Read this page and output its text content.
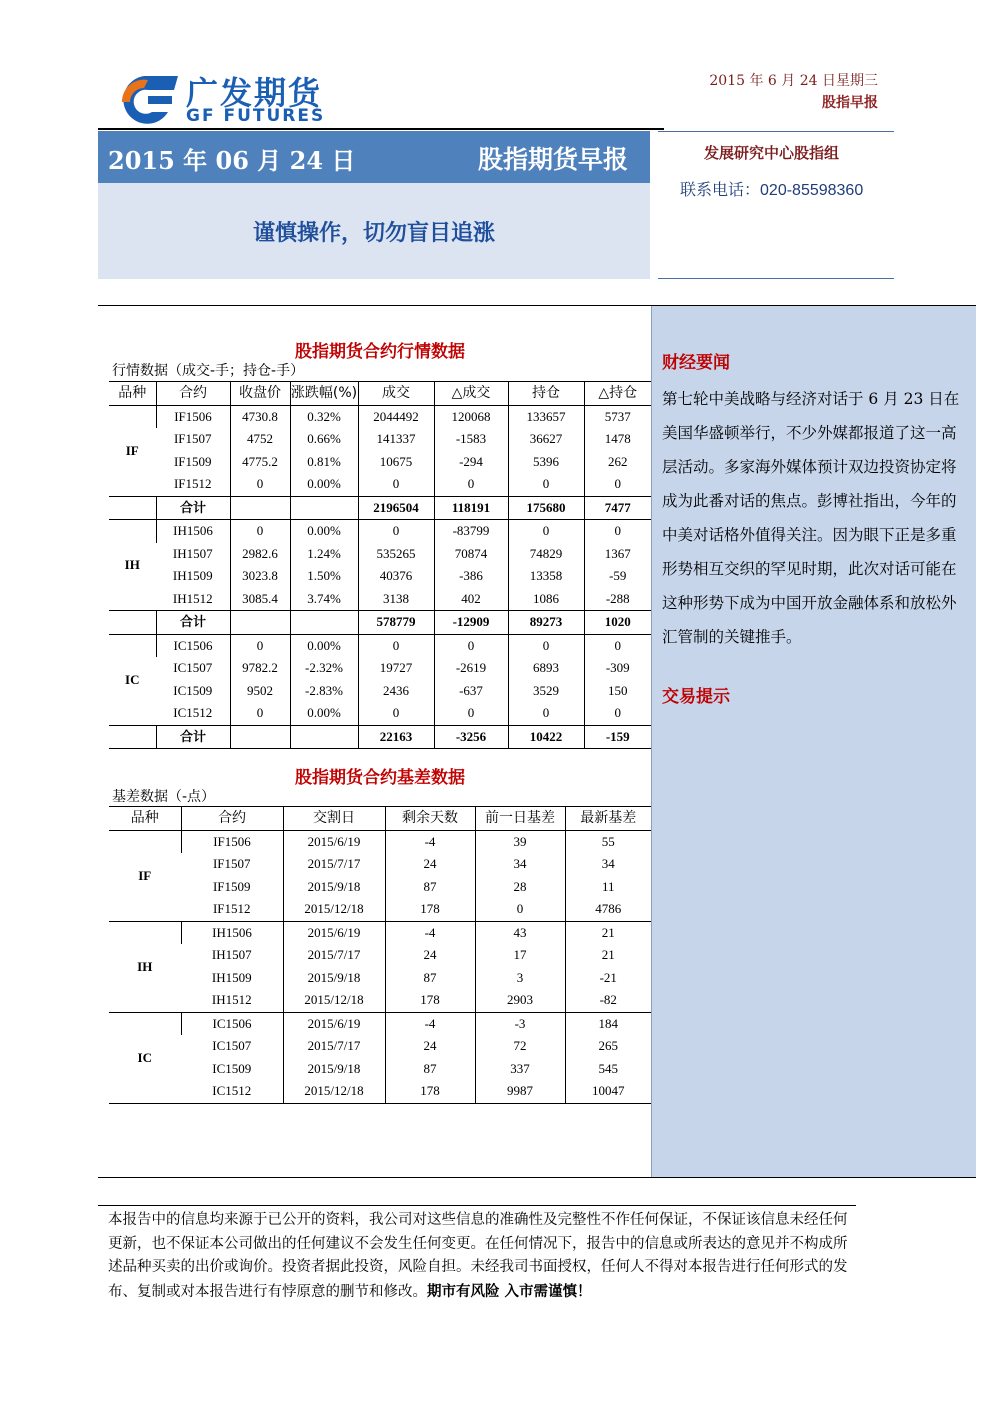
广发期货
GF FUTURES
2015 年 6 月 24 日星期三
股指早报
发展研究中心股指组
联系电话：020-85598360
2015 年 06 月 24 日	股指期货早报
谨慎操作，切勿盲目追涨
财经要闻
第七轮中美战略与经济对话于 6 月 23 日在美国华盛顿举行，不少外媒都报道了这一高层活动。多家海外媒体预计双边投资协定将成为此番对话的焦点。彭博社指出，今年的中美对话格外值得关注。因为眼下正是多重形势相互交织的罕见时期，此次对话可能在这种形势下成为中国开放金融体系和放松外汇管制的关键推手。
交易提示
股指期货合约行情数据
行情数据（成交-手；持仓-手）
品种	合约	收盘价	涨跌幅(%)	成交	△成交	持仓	△持仓
IF	IF1506	4730.8	0.32%	2044492	120068	133657	5737
	IF1507	4752	0.66%	141337	-1583	36627	1478
	IF1509	4775.2	0.81%	10675	-294	5396	262
	IF1512	0	0.00%	0	0	0	0
	合计			2196504	118191	175680	7477
IH	IH1506	0	0.00%	0	-83799	0	0
	IH1507	2982.6	1.24%	535265	70874	74829	1367
	IH1509	3023.8	1.50%	40376	-386	13358	-59
	IH1512	3085.4	3.74%	3138	402	1086	-288
	合计			578779	-12909	89273	1020
IC	IC1506	0	0.00%	0	0	0	0
	IC1507	9782.2	-2.32%	19727	-2619	6893	-309
	IC1509	9502	-2.83%	2436	-637	3529	150
	IC1512	0	0.00%	0	0	0	0
	合计			22163	-3256	10422	-159
股指期货合约基差数据
基差数据（-点）
品种	合约	交割日	剩余天数	前一日基差	最新基差
IF	IF1506	2015/6/19	-4	39	55
	IF1507	2015/7/17	24	34	34
	IF1509	2015/9/18	87	28	11
	IF1512	2015/12/18	178	0	4786
IH	IH1506	2015/6/19	-4	43	21
	IH1507	2015/7/17	24	17	21
	IH1509	2015/9/18	87	3	-21
	IH1512	2015/12/18	178	2903	-82
IC	IC1506	2015/6/19	-4	-3	184
	IC1507	2015/7/17	24	72	265
	IC1509	2015/9/18	87	337	545
	IC1512	2015/12/18	178	9987	10047
本报告中的信息均来源于已公开的资料，我公司对这些信息的准确性及完整性不作任何保证，不保证该信息未经任何更新，也不保证本公司做出的任何建议不会发生任何变更。在任何情况下，报告中的信息或所表达的意见并不构成所述品种买卖的出价或询价。投资者据此投资，风险自担。未经我司书面授权，任何人不得对本报告进行任何形式的发布、复制或对本报告进行有悖原意的删节和修改。期市有风险 入市需谨慎！
